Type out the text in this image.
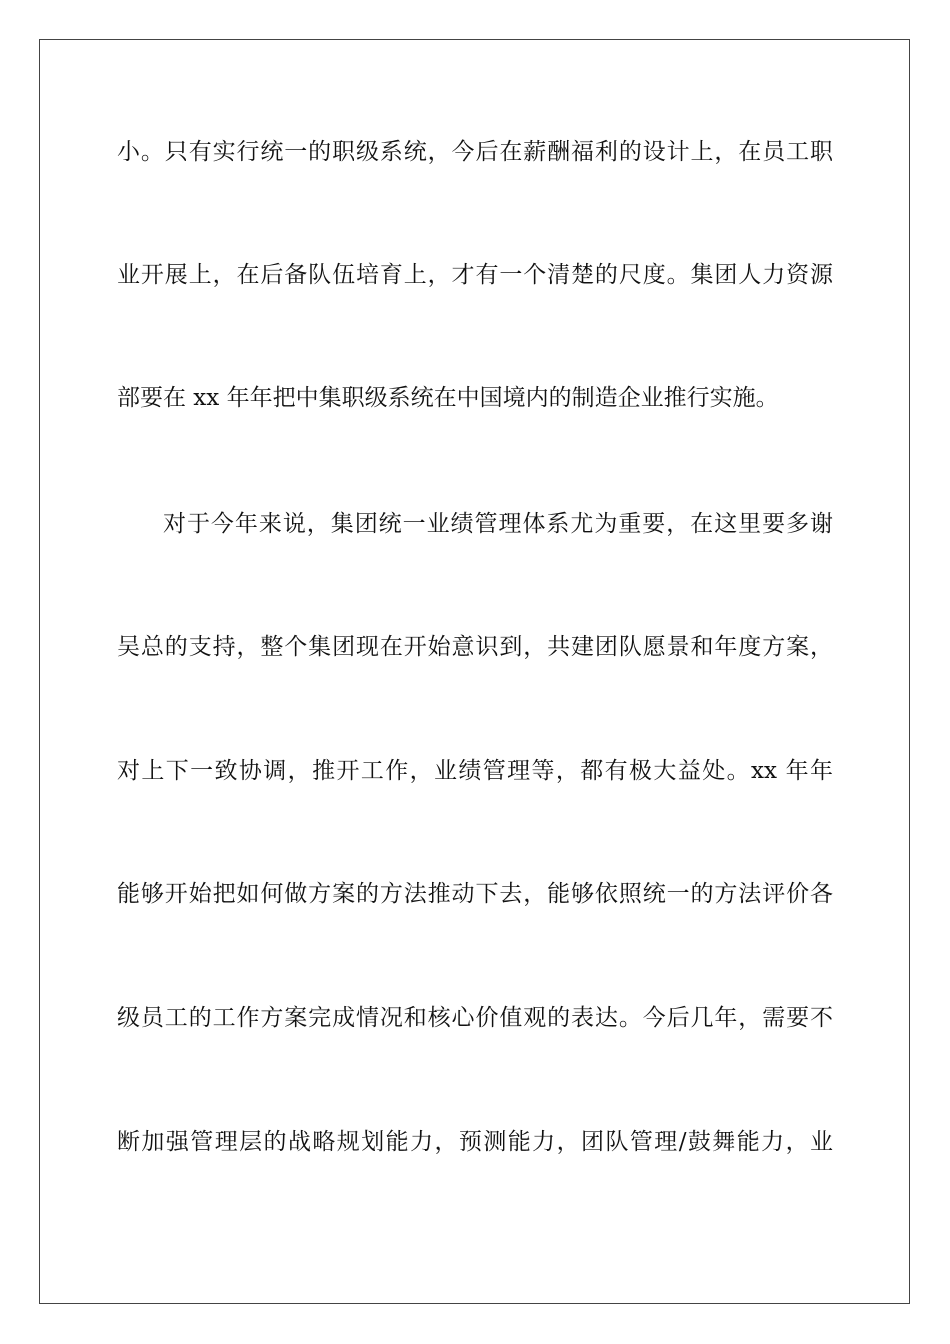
小。只有实行统一的职级系统，今后在薪酬福利的设计上，在员工职

业开展上，在后备队伍培育上，才有一个清楚的尺度。集团人力资源

部要在 xx 年年把中集职级系统在中国境内的制造企业推行实施。

对于今年来说，集团统一业绩管理体系尤为重要，在这里要多谢

吴总的支持，整个集团现在开始意识到，共建团队愿景和年度方案，

对上下一致协调，推开工作，业绩管理等，都有极大益处。xx 年年

能够开始把如何做方案的方法推动下去，能够依照统一的方法评价各

级员工的工作方案完成情况和核心价值观的表达。今后几年，需要不

断加强管理层的战略规划能力，预测能力，团队管理/鼓舞能力，业
